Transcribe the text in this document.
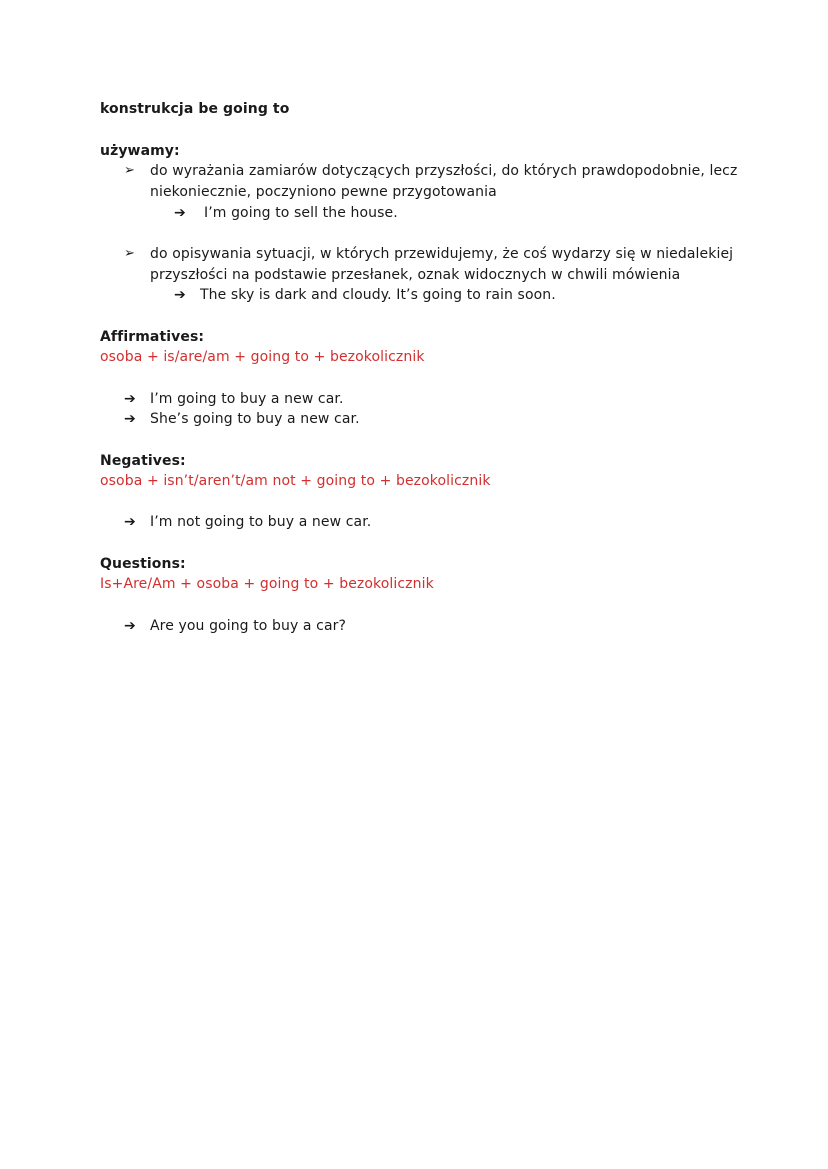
konstrukcja be going to
używamy:
➢ do wyrażania zamiarów dotyczących przyszłości, do których prawdopodobnie, lecz
niekoniecznie, poczyniono pewne przygotowania
➔ I’m going to sell the house.
➢ do opisywania sytuacji, w których przewidujemy, że coś wydarzy się w niedalekiej
przyszłości na podstawie przesłanek, oznak widocznych w chwili mówienia
➔ The sky is dark and cloudy. It’s going to rain soon.
Affirmatives:
osoba + is/are/am + going to + bezokolicznik
➔ I’m going to buy a new car.
➔ She’s going to buy a new car.
Negatives:
osoba + isn’t/aren’t/am not + going to + bezokolicznik
➔ I’m not going to buy a new car.
Questions:
Is+Are/Am + osoba + going to + bezokolicznik
➔ Are you going to buy a car?
